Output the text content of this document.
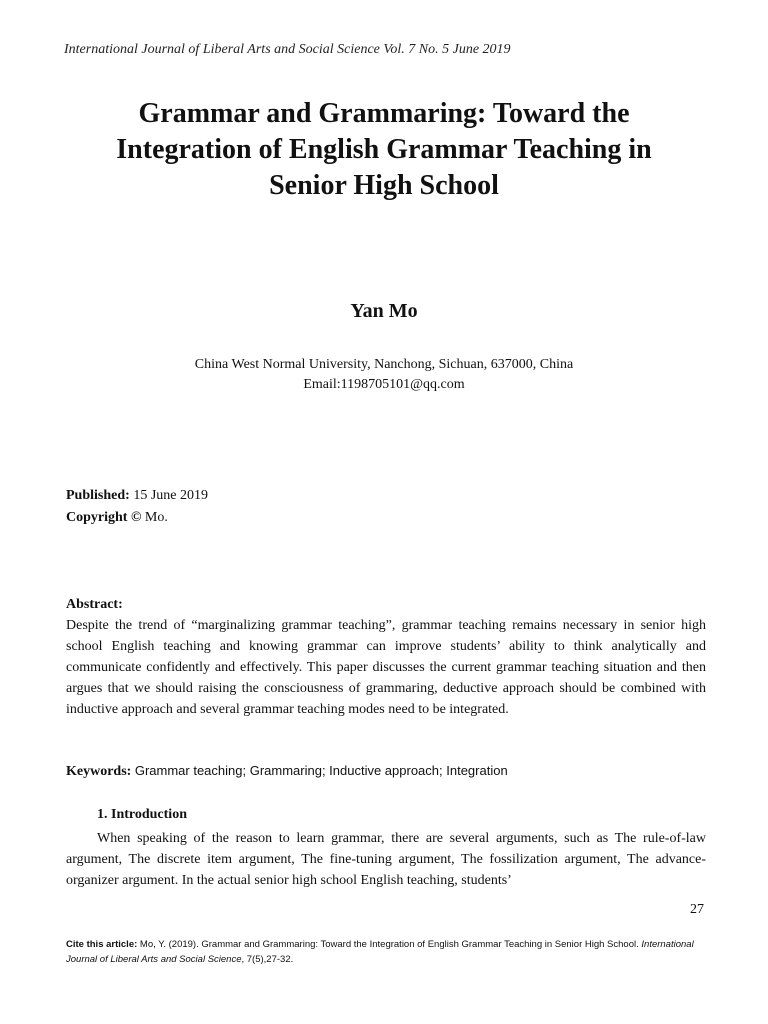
International Journal of Liberal Arts and Social Science Vol. 7 No. 5 June 2019
Grammar and Grammaring: Toward the
Integration of English Grammar Teaching in
Senior High School
Yan Mo
China West Normal University, Nanchong, Sichuan, 637000, China
Email:1198705101@qq.com
Published: 15 June 2019
Copyright © Mo.
Abstract:
Despite the trend of “marginalizing grammar teaching”, grammar teaching remains necessary in senior high school English teaching and knowing grammar can improve students’ ability to think analytically and communicate confidently and effectively. This paper discusses the current grammar teaching situation and then argues that we should raising the consciousness of grammaring, deductive approach should be combined with inductive approach and several grammar teaching modes need to be integrated.
Keywords: Grammar teaching; Grammaring; Inductive approach; Integration
1. Introduction
When speaking of the reason to learn grammar, there are several arguments, such as The rule-of-law argument, The discrete item argument, The fine-tuning argument, The fossilization argument, The advance-organizer argument. In the actual senior high school English teaching, students’
27
Cite this article: Mo, Y. (2019). Grammar and Grammaring: Toward the Integration of English Grammar Teaching in Senior High School. International Journal of Liberal Arts and Social Science, 7(5),27-32.
